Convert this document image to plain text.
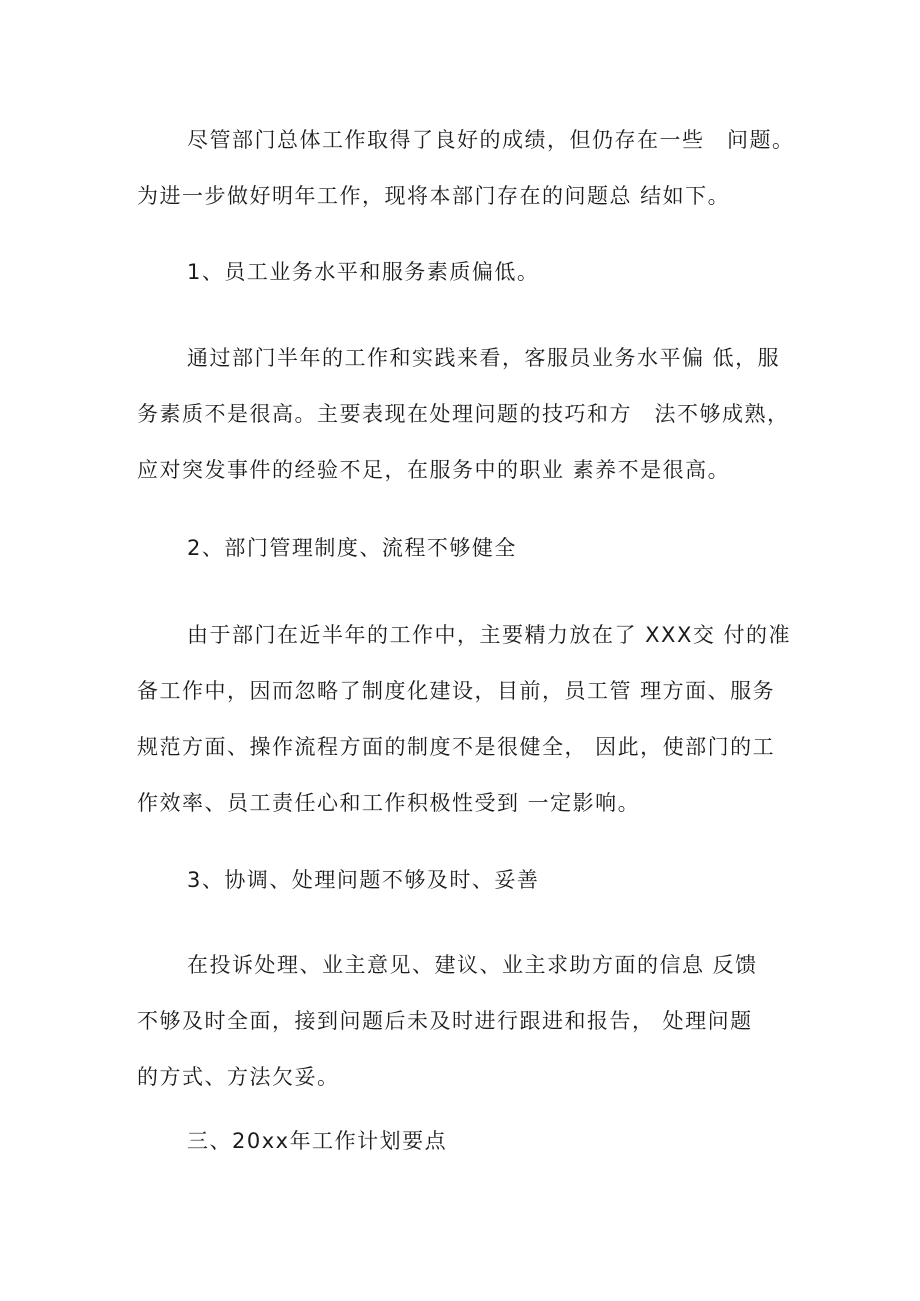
尽管部门总体工作取得了良好的成绩，但仍存在一些　问题。
为进一步做好明年工作，现将本部门存在的问题总 结如下。
1、员工业务水平和服务素质偏低。
通过部门半年的工作和实践来看，客服员业务水平偏 低，服
务素质不是很高。主要表现在处理问题的技巧和方　法不够成熟，
应对突发事件的经验不足，在服务中的职业 素养不是很高。
2、部门管理制度、流程不够健全
由于部门在近半年的工作中，主要精力放在了 XXX交 付的准
备工作中，因而忽略了制度化建设，目前，员工管 理方面、服务
规范方面、操作流程方面的制度不是很健全， 因此，使部门的工
作效率、员工责任心和工作积极性受到 一定影响。
3、协调、处理问题不够及时、妥善
在投诉处理、业主意见、建议、业主求助方面的信息 反馈
不够及时全面，接到问题后未及时进行跟进和报告， 处理问题
的方式、方法欠妥。
三、20xx年工作计划要点
